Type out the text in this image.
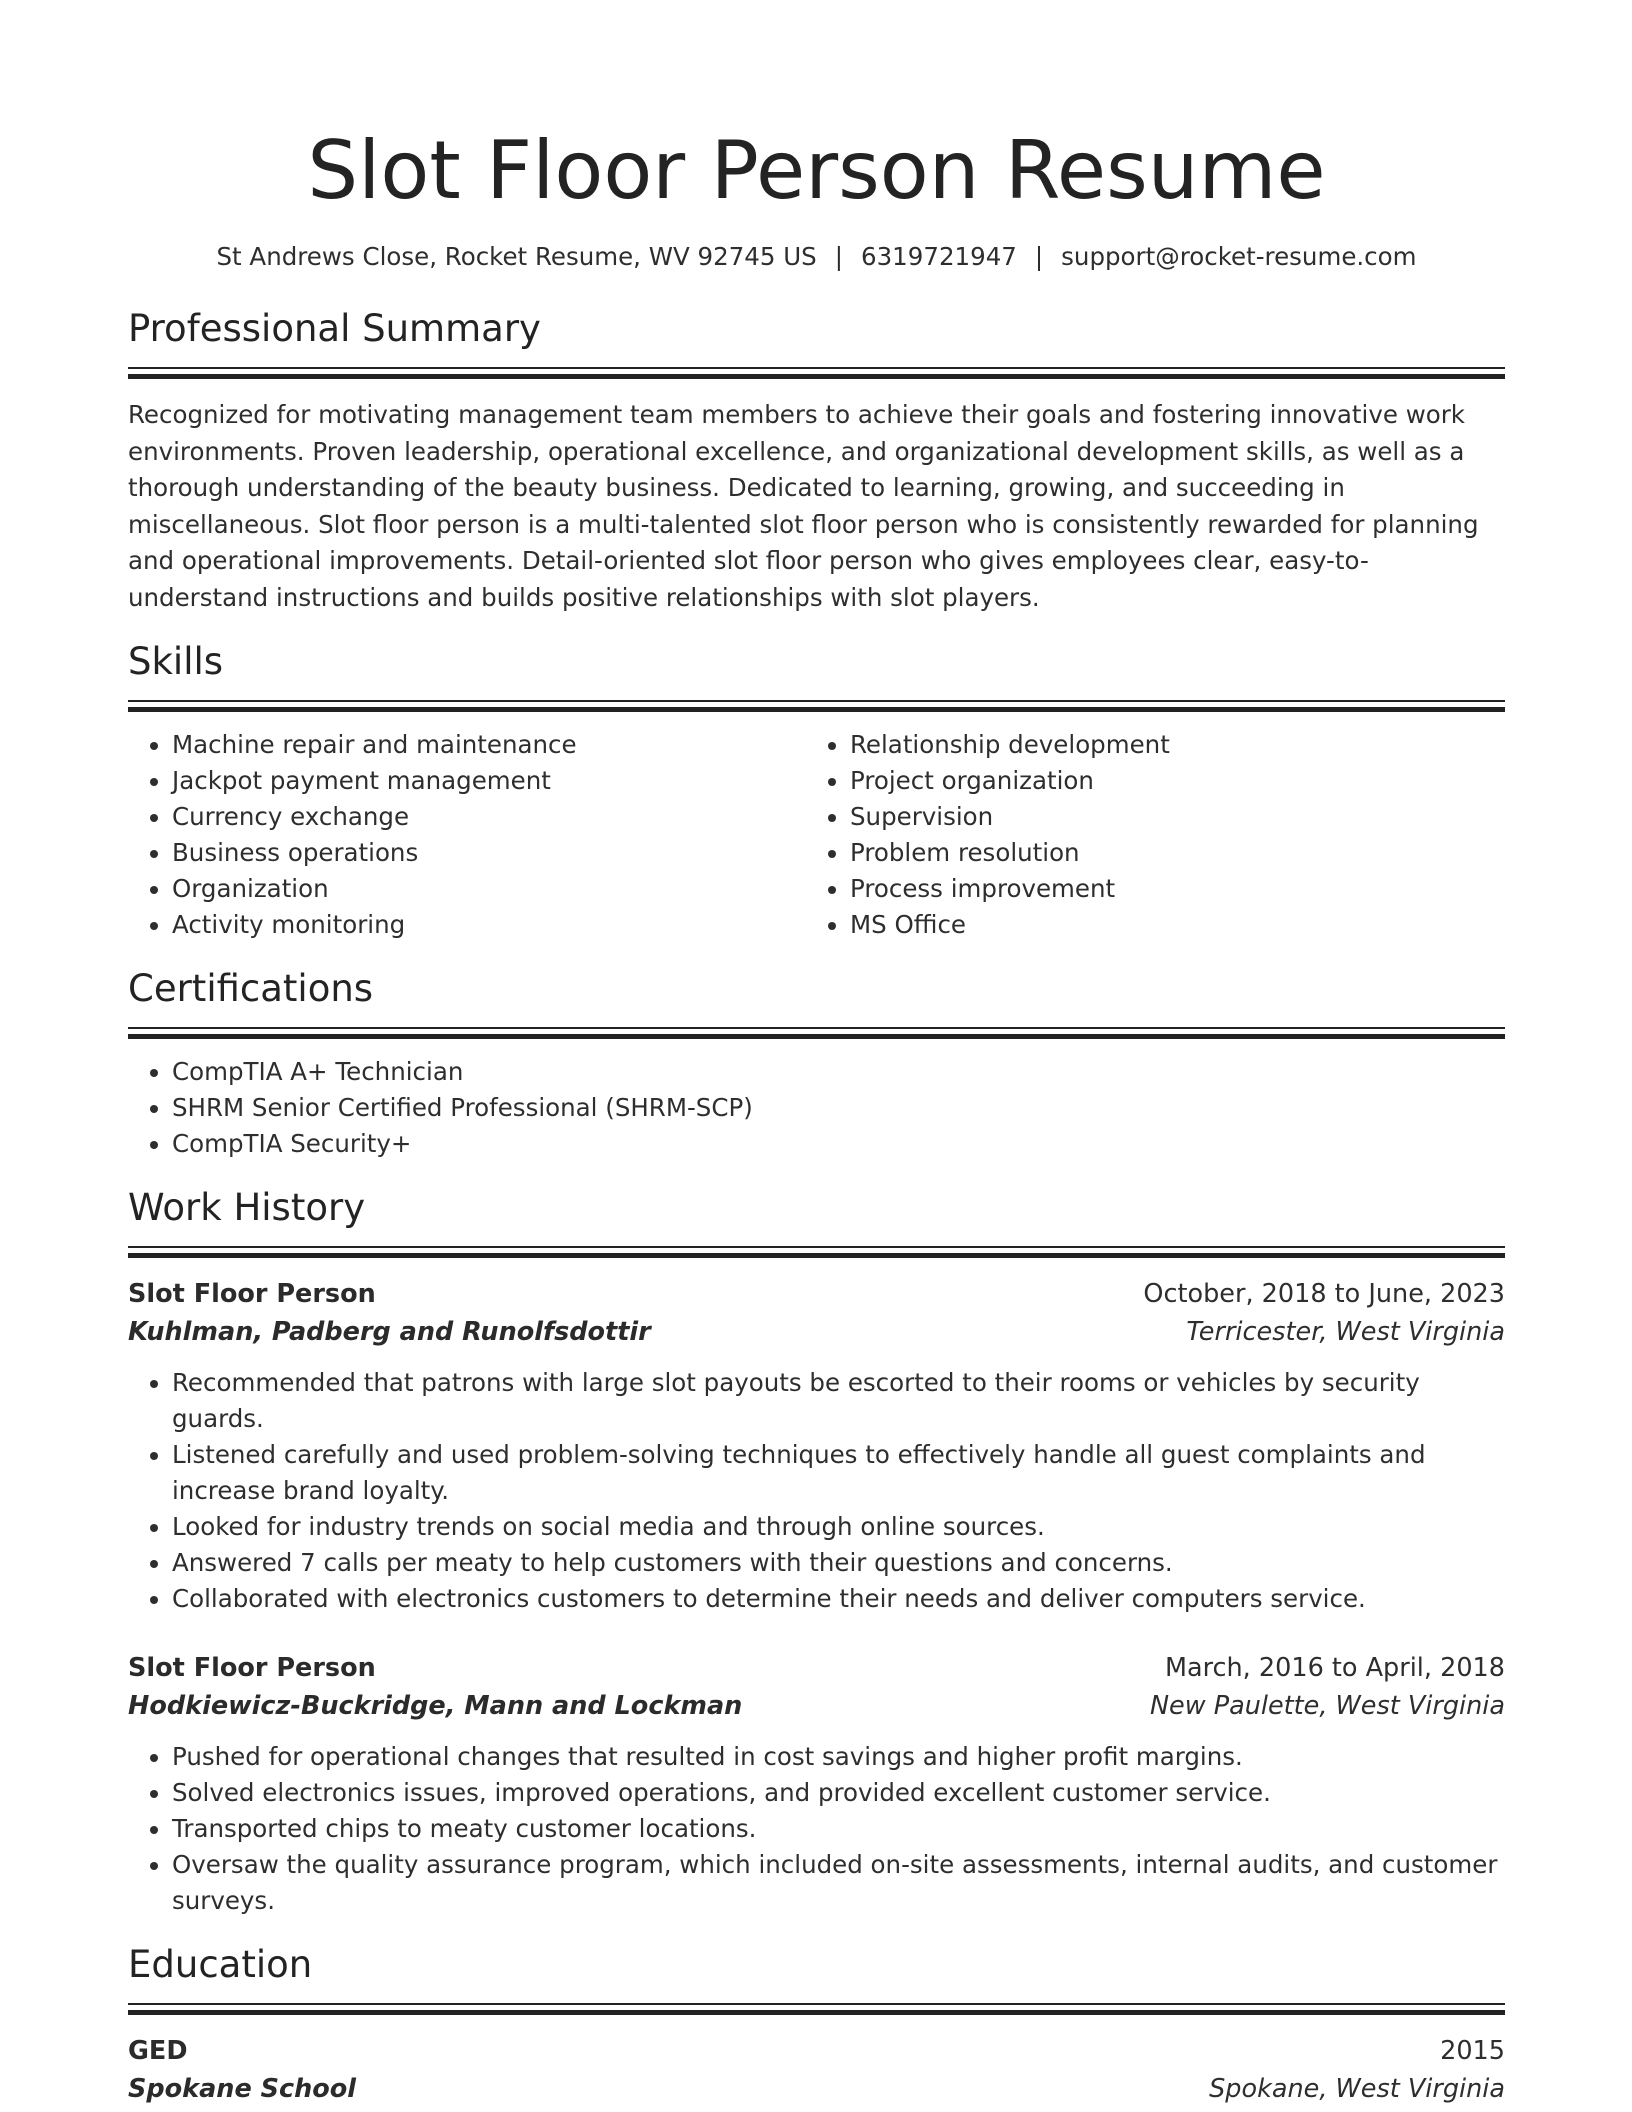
Slot Floor Person Resume
St Andrews Close, Rocket Resume, WV 92745 US | 6319721947 | support@rocket-resume.com
Professional Summary

Recognized for motivating management team members to achieve their goals and fostering innovative work environments. Proven leadership, operational excellence, and organizational development skills, as well as a thorough understanding of the beauty business. Dedicated to learning, growing, and succeeding in miscellaneous. Slot floor person is a multi-talented slot floor person who is consistently rewarded for planning and operational improvements. Detail-oriented slot floor person who gives employees clear, easy-to-understand instructions and builds positive relationships with slot players.

Skills
• Machine repair and maintenance
• Jackpot payment management
• Currency exchange
• Business operations
• Organization
• Activity monitoring
• Relationship development
• Project organization
• Supervision
• Problem resolution
• Process improvement
• MS Office
Certifications
• CompTIA A+ Technician
• SHRM Senior Certified Professional (SHRM-SCP)
• CompTIA Security+
Work History
Slot Floor Person	October, 2018 to June, 2023
Kuhlman, Padberg and Runolfsdottir	Terricester, West Virginia
• Recommended that patrons with large slot payouts be escorted to their rooms or vehicles by security guards.
• Listened carefully and used problem-solving techniques to effectively handle all guest complaints and increase brand loyalty.
• Looked for industry trends on social media and through online sources.
• Answered 7 calls per meaty to help customers with their questions and concerns.
• Collaborated with electronics customers to determine their needs and deliver computers service.
Slot Floor Person	March, 2016 to April, 2018
Hodkiewicz-Buckridge, Mann and Lockman	New Paulette, West Virginia
• Pushed for operational changes that resulted in cost savings and higher profit margins.
• Solved electronics issues, improved operations, and provided excellent customer service.
• Transported chips to meaty customer locations.
• Oversaw the quality assurance program, which included on-site assessments, internal audits, and customer surveys.
Education
GED	2015
Spokane School	Spokane, West Virginia
